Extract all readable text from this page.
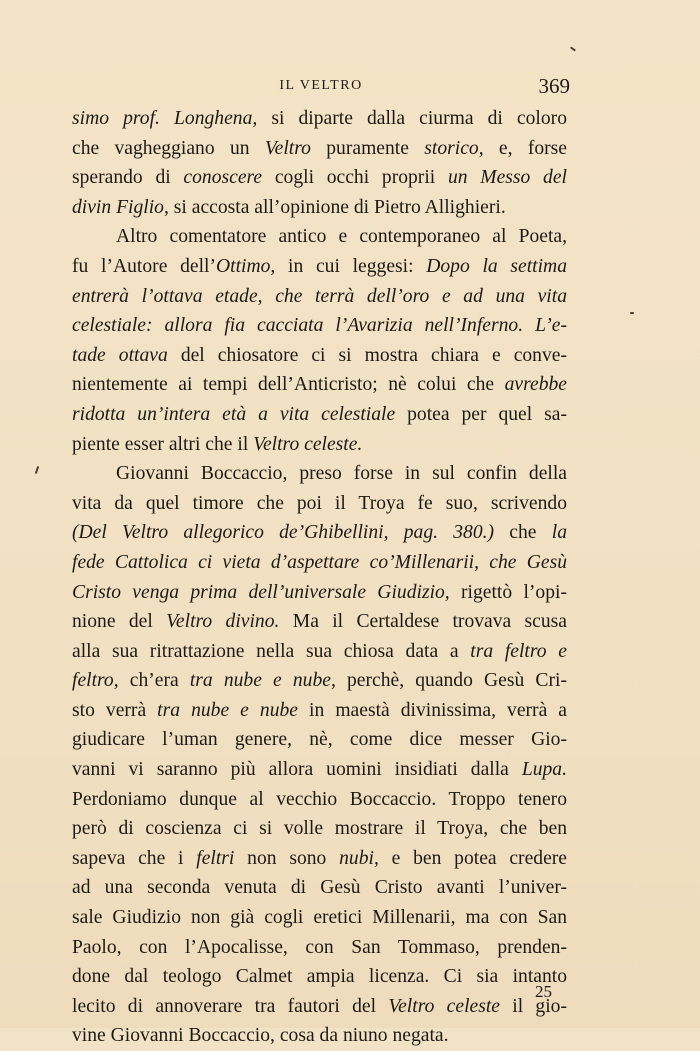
IL VELTRO	369
simo prof. Longhena, si diparte dalla ciurma di coloro
che vagheggiano un Veltro puramente storico, e, forse
sperando di conoscere cogli occhi proprii un Messo del
divin Figlio, si accosta all’opinione di Pietro Allighieri.
Altro comentatore antico e contemporaneo al Poeta,
fu l’Autore dell’Ottimo, in cui leggesi: Dopo la settima
entrerà l’ottava etade, che terrà dell’oro e ad una vita
celestiale: allora fia cacciata l’Avarizia nell’Inferno. L’e-
tade ottava del chiosatore ci si mostra chiara e conve-
nientemente ai tempi dell’Anticristo; nè colui che avrebbe
ridotta un’intera età a vita celestiale potea per quel sa-
piente esser altri che il Veltro celeste.
Giovanni Boccaccio, preso forse in sul confin della
vita da quel timore che poi il Troya fe suo, scrivendo
(Del Veltro allegorico de’Ghibellini, pag. 380.) che la
fede Cattolica ci vieta d’aspettare co’Millenarii, che Gesù
Cristo venga prima dell’universale Giudizio, rigettò l’opi-
nione del Veltro divino. Ma il Certaldese trovava scusa
alla sua ritrattazione nella sua chiosa data a tra feltro e
feltro, ch’era tra nube e nube, perchè, quando Gesù Cri-
sto verrà tra nube e nube in maestà divinissima, verrà a
giudicare l’uman genere, nè, come dice messer Gio-
vanni vi saranno più allora uomini insidiati dalla Lupa.
Perdoniamo dunque al vecchio Boccaccio. Troppo tenero
però di coscienza ci si volle mostrare il Troya, che ben
sapeva che i feltri non sono nubi, e ben potea credere
ad una seconda venuta di Gesù Cristo avanti l’univer-
sale Giudizio non già cogli eretici Millenarii, ma con San
Paolo, con l’Apocalisse, con San Tommaso, prenden-
done dal teologo Calmet ampia licenza. Ci sia intanto
lecito di annoverare tra fautori del Veltro celeste il gio-
vine Giovanni Boccaccio, cosa da niuno negata.
25
